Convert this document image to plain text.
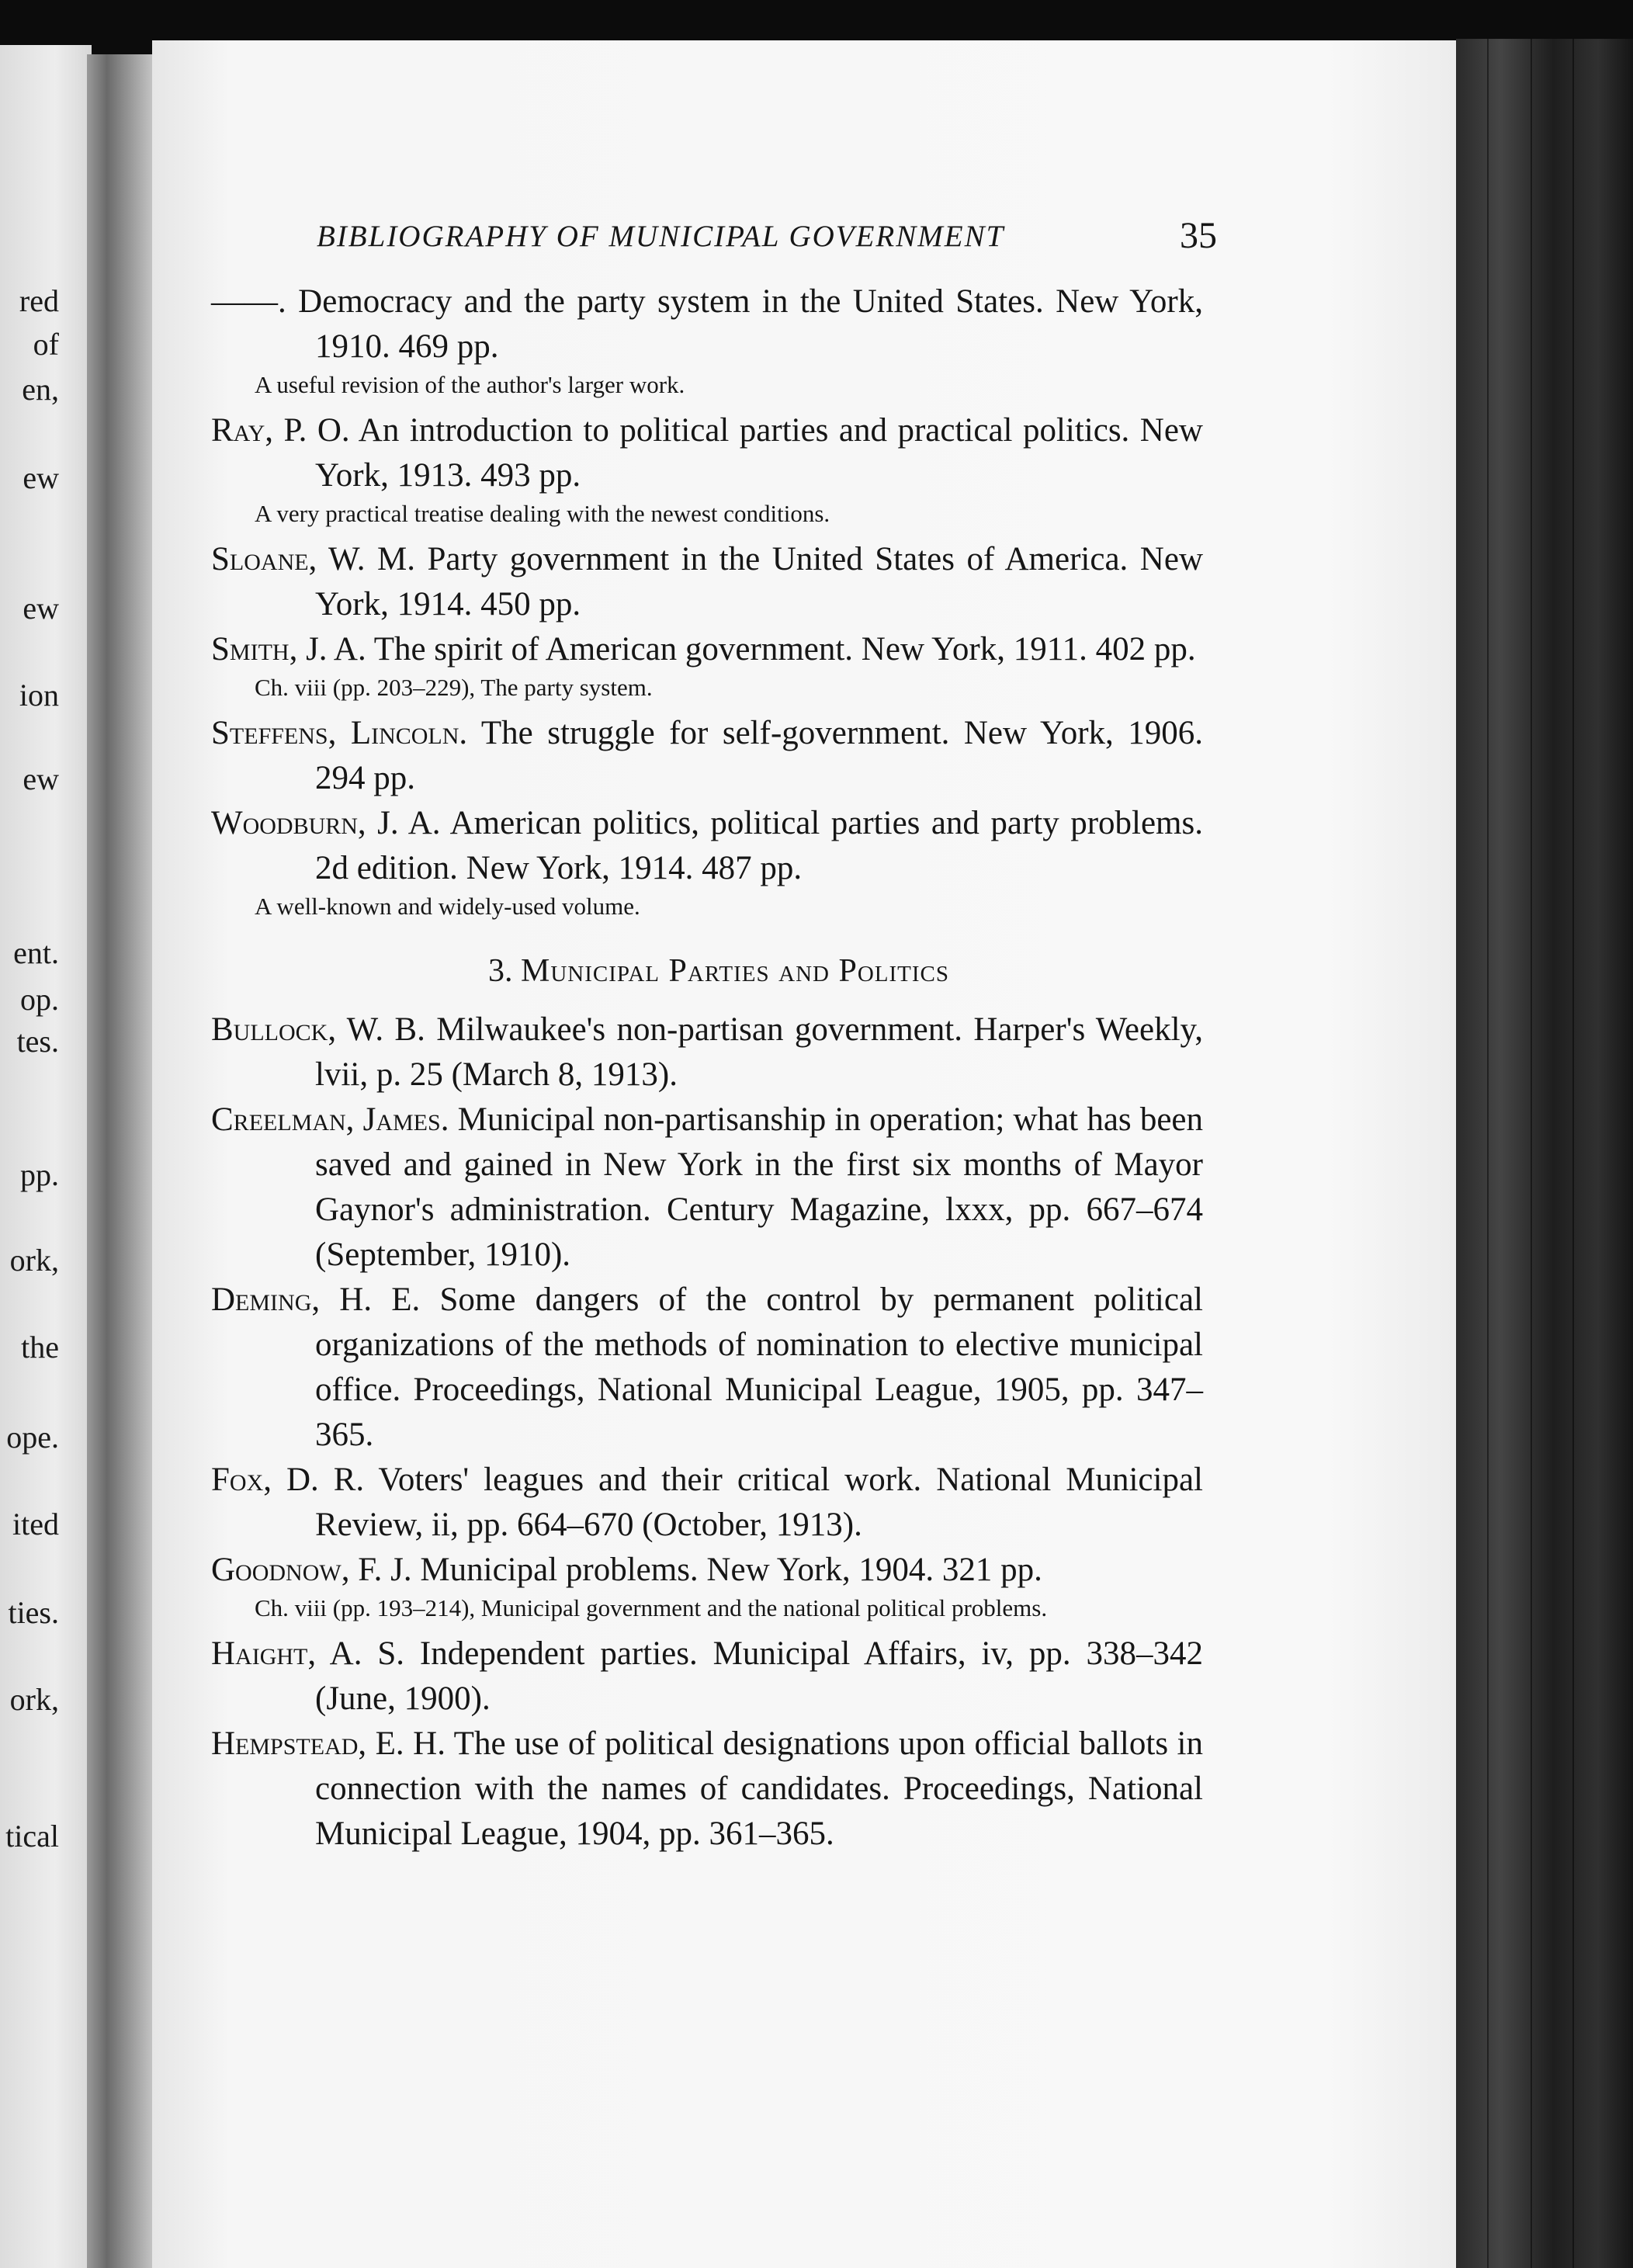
red
of
en,
ew
ew
ion
ew
ent.
op.
tes.
pp.
ork,
the
ope.
ited
ties.
ork,
tical
BIBLIOGRAPHY OF MUNICIPAL GOVERNMENT	35
——. Democracy and the party system in the United States. New York, 1910. 469 pp.
A useful revision of the author's larger work.
Ray, P. O. An introduction to political parties and practical politics. New York, 1913. 493 pp.
A very practical treatise dealing with the newest conditions.
Sloane, W. M. Party government in the United States of America. New York, 1914. 450 pp.
Smith, J. A. The spirit of American government. New York, 1911. 402 pp.
Ch. viii (pp. 203–229), The party system.
Steffens, Lincoln. The struggle for self-government. New York, 1906. 294 pp.
Woodburn, J. A. American politics, political parties and party problems. 2d edition. New York, 1914. 487 pp.
A well-known and widely-used volume.
3. Municipal Parties and Politics
Bullock, W. B. Milwaukee's non-partisan government. Harper's Weekly, lvii, p. 25 (March 8, 1913).
Creelman, James. Municipal non-partisanship in operation; what has been saved and gained in New York in the first six months of Mayor Gaynor's administration. Century Magazine, lxxx, pp. 667–674 (September, 1910).
Deming, H. E. Some dangers of the control by permanent political organizations of the methods of nomination to elective municipal office. Proceedings, National Municipal League, 1905, pp. 347–365.
Fox, D. R. Voters' leagues and their critical work. National Municipal Review, ii, pp. 664–670 (October, 1913).
Goodnow, F. J. Municipal problems. New York, 1904. 321 pp.
Ch. viii (pp. 193–214), Municipal government and the national political problems.
Haight, A. S. Independent parties. Municipal Affairs, iv, pp. 338–342 (June, 1900).
Hempstead, E. H. The use of political designations upon official ballots in connection with the names of candidates. Proceedings, National Municipal League, 1904, pp. 361–365.
